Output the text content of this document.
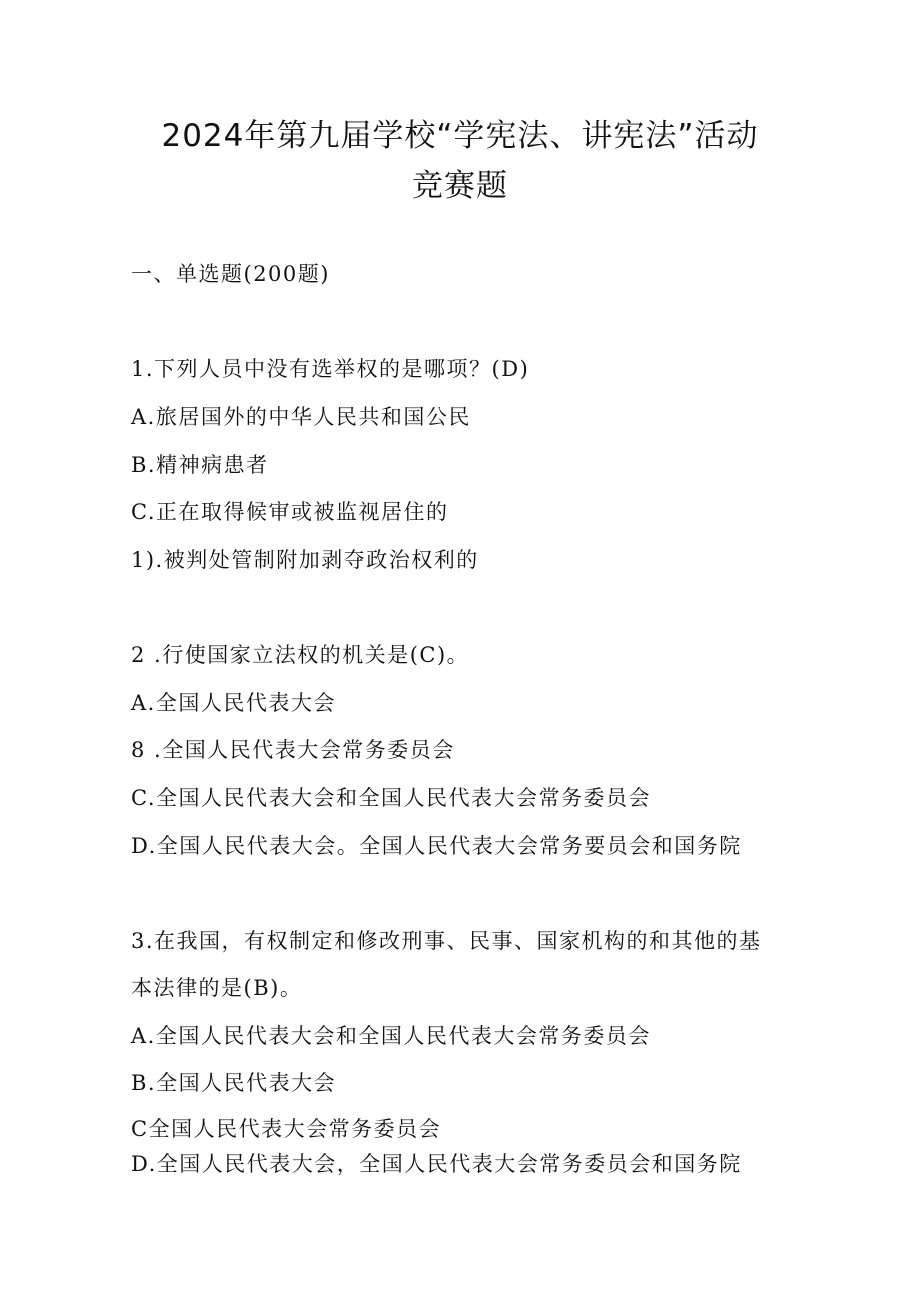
2024年第九届学校“学宪法、讲宪法”活动
竞赛题
一、单选题(200题)
1.下列人员中没有选举权的是哪项？(D)
A.旅居国外的中华人民共和国公民
B.精神病患者
C.正在取得候审或被监视居住的
1).被判处管制附加剥夺政治权利的
2 .行使国家立法权的机关是(C)。
A.全国人民代表大会
8 .全国人民代表大会常务委员会
C.全国人民代表大会和全国人民代表大会常务委员会
D.全国人民代表大会。全国人民代表大会常务要员会和国务院
3.在我国，有权制定和修改刑事、民事、国家机构的和其他的基
本法律的是(B)。
A.全国人民代表大会和全国人民代表大会常务委员会
B.全国人民代表大会
C全国人民代表大会常务委员会
D.全国人民代表大会，全国人民代表大会常务委员会和国务院
